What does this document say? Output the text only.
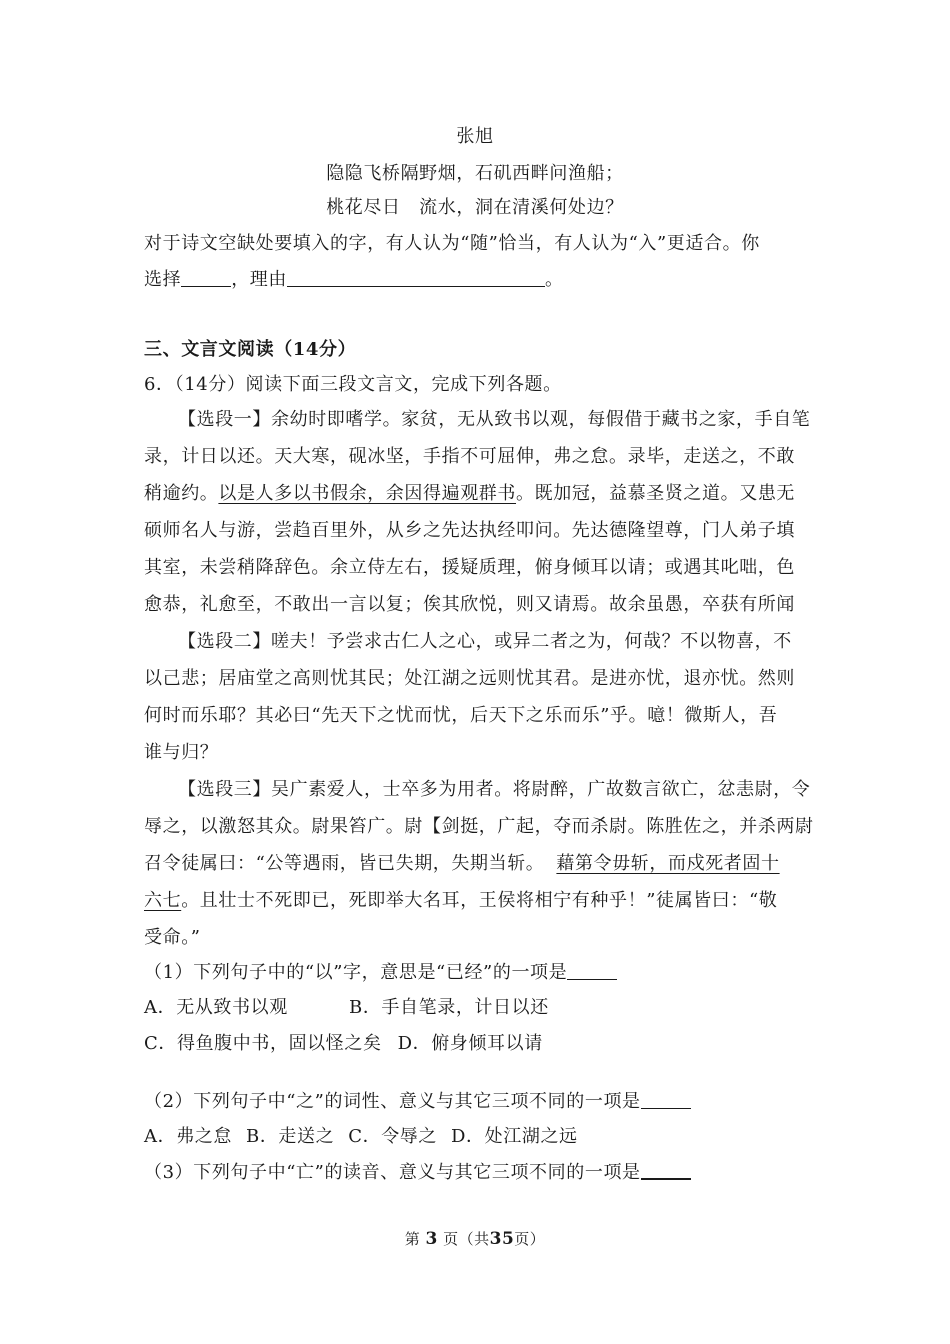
张旭
隐隐飞桥隔野烟，石矶西畔问渔船；
桃花尽日　流水，洞在清溪何处边？
对于诗文空缺处要填入的字，有人认为“随”恰当，有人认为“入”更适合。你
选择	，理由	。
三、文言文阅读（14分）
6．（14分）阅读下面三段文言文，完成下列各题。
【选段一】余幼时即嗜学。家贫，无从致书以观，每假借于藏书之家，手自笔
录，计日以还。天大寒，砚冰坚，手指不可屈伸，弗之怠。录毕，走送之，不敢
稍逾约。以是人多以书假余，余因得遍观群书。既加冠，益慕圣贤之道。又患无
硕师名人与游，尝趋百里外，从乡之先达执经叩问。先达德隆望尊，门人弟子填
其室，未尝稍降辞色。余立侍左右，援疑质理，俯身倾耳以请；或遇其叱咄，色
愈恭，礼愈至，不敢出一言以复；俟其欣悦，则又请焉。故余虽愚，卒获有所闻
【选段二】嗟夫！予尝求古仁人之心，或异二者之为，何哉？不以物喜，不
以己悲；居庙堂之高则忧其民；处江湖之远则忧其君。是进亦忧，退亦忧。然则
何时而乐耶？其必曰“先天下之忧而忧，后天下之乐而乐”乎。噫！微斯人，吾
谁与归？
【选段三】吴广素爱人，士卒多为用者。将尉醉，广故数言欲亡，忿恚尉，令
辱之，以激怒其众。尉果笞广。尉【剑挺，广起，夺而杀尉。陈胜佐之，并杀两尉
召令徒属曰：“公等遇雨，皆已失期，失期当斩。 藉第令毋斩，而戍死者固十
六七。且壮士不死即已，死即举大名耳，王侯将相宁有种乎！”徒属皆曰：“敬
受命。”
（1）下列句子中的“以”字，意思是“已经”的一项是
A．无从致书以观	B．手自笔录，计日以还
C．得鱼腹中书，固以怪之矣 D．俯身倾耳以请
（2）下列句子中“之”的词性、意义与其它三项不同的一项是
A．弗之怠 B．走送之 C．令辱之 D．处江湖之远
（3）下列句子中“亡”的读音、意义与其它三项不同的一项是
第 3 页（共35页）
